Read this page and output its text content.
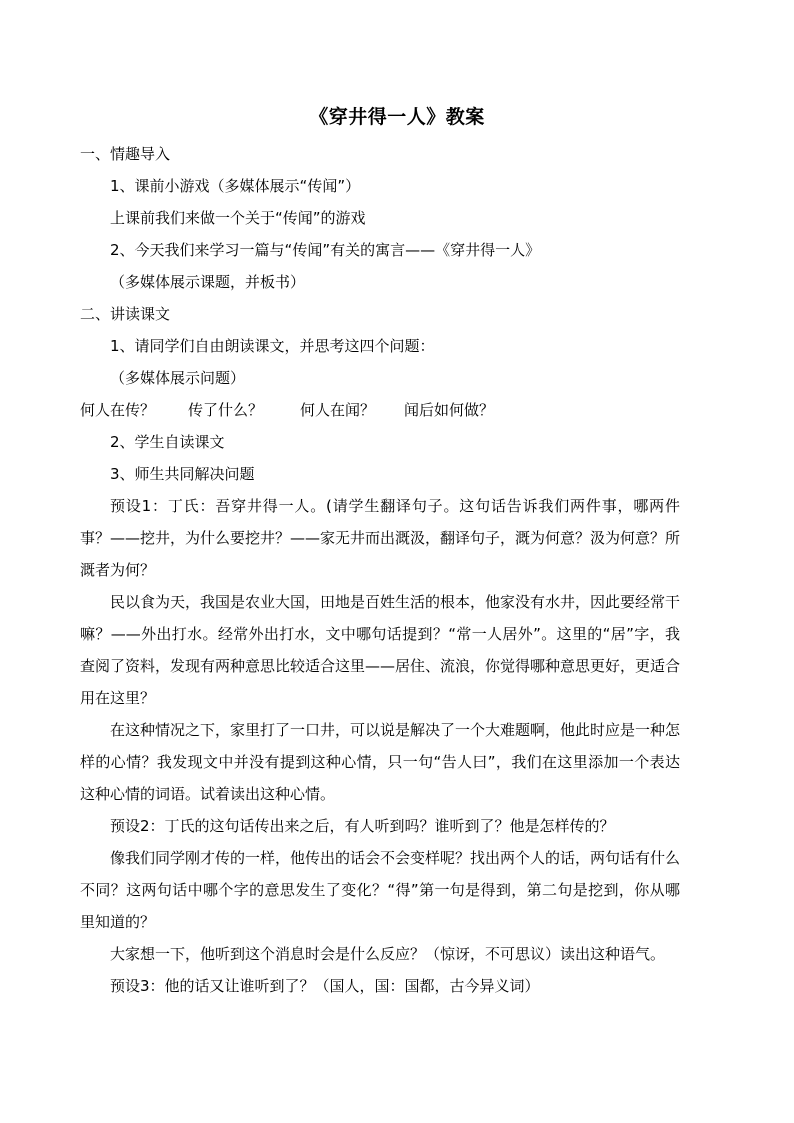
《穿井得一人》教案

一、情趣导入

1、课前小游戏（多媒体展示“传闻”）

上课前我们来做一个关于“传闻”的游戏

2、今天我们来学习一篇与“传闻”有关的寓言——《穿井得一人》

（多媒体展示课题，并板书）

二、讲读课文

1、请同学们自由朗读课文，并思考这四个问题：

（多媒体展示问题）

何人在传？ 传了什么？ 何人在闻？ 闻后如何做？

2、学生自读课文

3、师生共同解决问题

预设1：丁氏：吾穿井得一人。(请学生翻译句子。这句话告诉我们两件事，哪两件事？——挖井，为什么要挖井？——家无井而出溉汲，翻译句子，溉为何意？汲为何意？所溉者为何？

民以食为天，我国是农业大国，田地是百姓生活的根本，他家没有水井，因此要经常干嘛？——外出打水。经常外出打水，文中哪句话提到？“常一人居外”。这里的“居”字，我查阅了资料，发现有两种意思比较适合这里——居住、流浪，你觉得哪种意思更好，更适合用在这里？

在这种情况之下，家里打了一口井，可以说是解决了一个大难题啊，他此时应是一种怎样的心情？我发现文中并没有提到这种心情，只一句“告人曰”，我们在这里添加一个表达这种心情的词语。试着读出这种心情。

预设2：丁氏的这句话传出来之后，有人听到吗？谁听到了？他是怎样传的？

像我们同学刚才传的一样，他传出的话会不会变样呢？找出两个人的话，两句话有什么不同？这两句话中哪个字的意思发生了变化？“得”第一句是得到，第二句是挖到，你从哪里知道的？

大家想一下，他听到这个消息时会是什么反应？（惊讶，不可思议）读出这种语气。

预设3：他的话又让谁听到了？（国人，国：国都，古今异义词）
